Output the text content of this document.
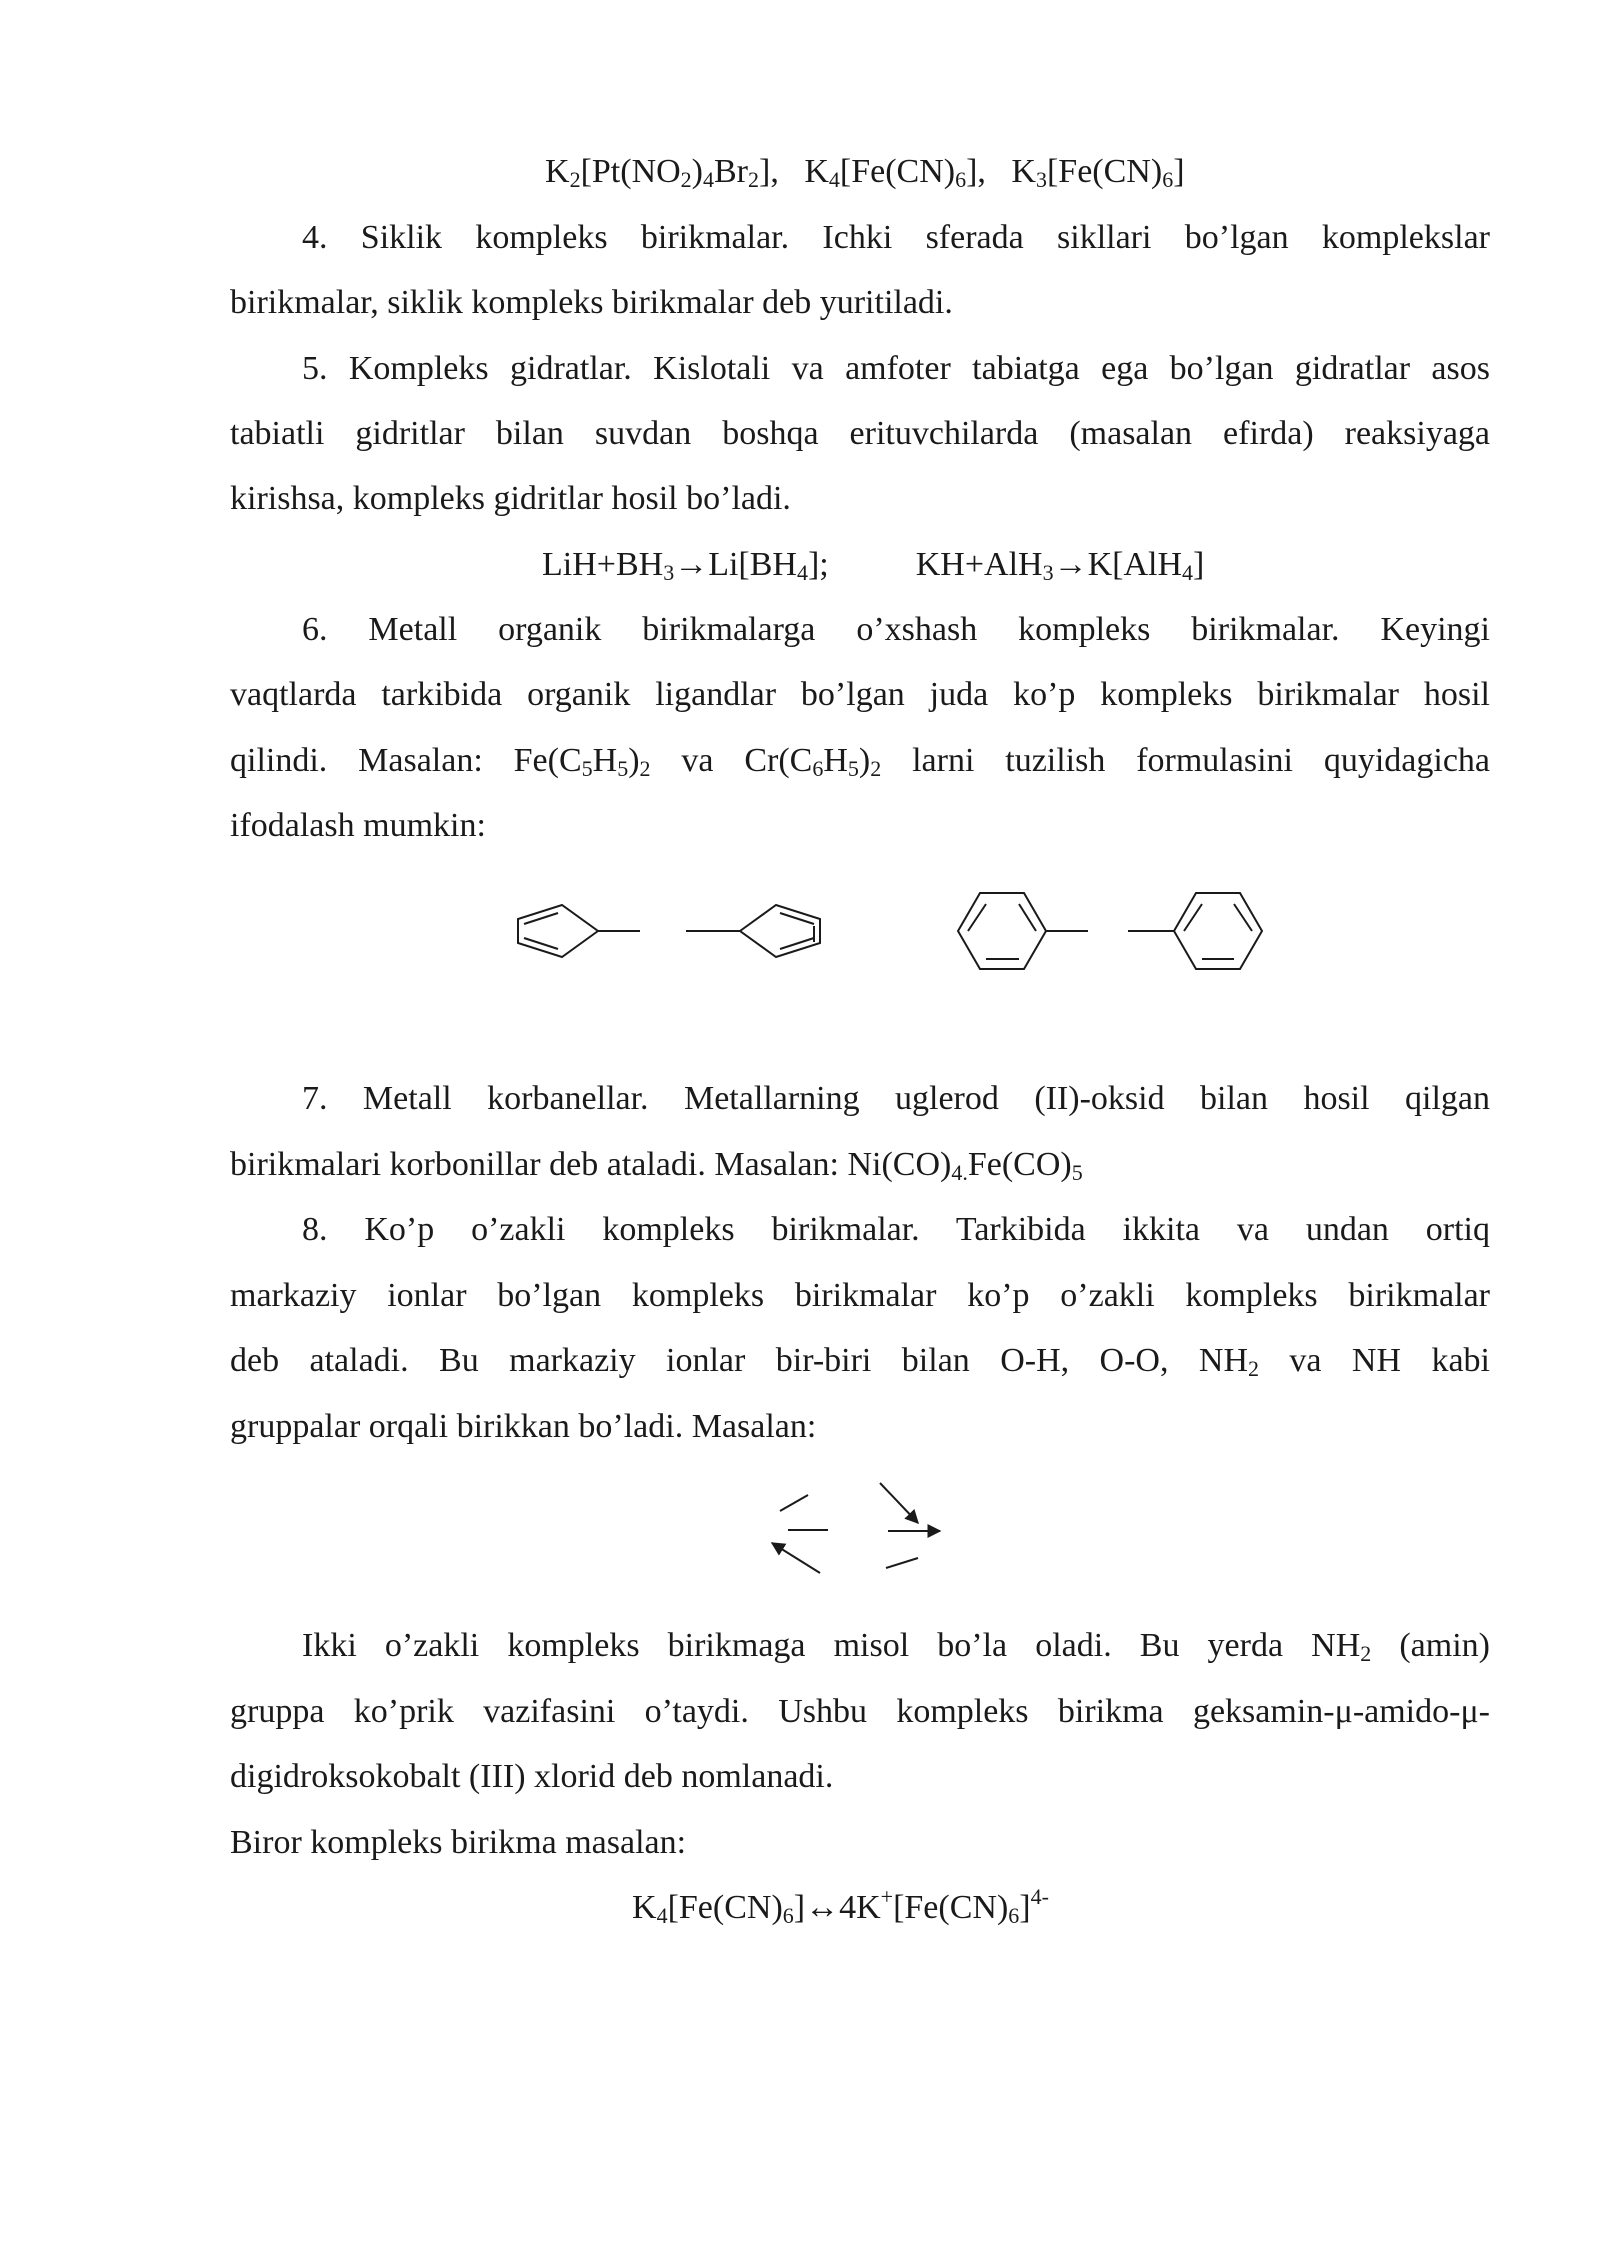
$K_2[Pt(NO_2)_4Br_2]$, $K_4[Fe(CN)_6]$, $K_3[Fe(CN)_6]$
4. Siklik kompleks birikmalar. Ichki sferada sikllari bo’lgan komplekslar
birikmalar, siklik kompleks birikmalar deb yuritiladi.
5. Kompleks gidratlar. Kislotali va amfoter tabiatga ega bo’lgan gidratlar asos
tabiatli gidritlar bilan suvdan boshqa erituvchilarda (masalan efirda) reaksiyaga
kirishsa, kompleks gidritlar hosil bo’ladi.
$LiH+BH_3\to Li[BH_4]$;	KH+AlH$_3$→K[AlH$_4$]
6. Metall organik birikmalarga o’xshash kompleks birikmalar. Keyingi
vaqtlarda tarkibida organik ligandlar bo’lgan juda ko’p kompleks birikmalar hosil
qilindi. Masalan: $Fe(C_5H_5)_2$ va $Cr(C_6H_5)_2$ larni tuzilish formulasini quyidagicha
ifodalash mumkin:
7. Metall korbanellar. Metallarning uglerod (II)-oksid bilan hosil qilgan
birikmalari korbonillar deb ataladi. Masalan: $Ni(CO)_{4.}Fe(CO)_5$
8. Ko’p o’zakli kompleks birikmalar. Tarkibida ikkita va undan ortiq
markaziy ionlar bo’lgan kompleks birikmalar ko’p o’zakli kompleks birikmalar
deb ataladi. Bu markaziy ionlar bir-biri bilan O-H, O-O, $NH_2$ va NH kabi
gruppalar orqali birikkan bo’ladi. Masalan:
Ikki o’zakli kompleks birikmaga misol bo’la oladi. Bu yerda $NH_2$ (amin)
gruppa ko’prik vazifasini o’taydi. Ushbu kompleks birikma geksamin-μ-amido-μ-
digidroksokobalt (III) xlorid deb nomlanadi.
Biror kompleks birikma masalan:
$K_4[Fe(CN)_6]\leftrightarrow 4K^+[Fe(CN)_6]^{4-}$
